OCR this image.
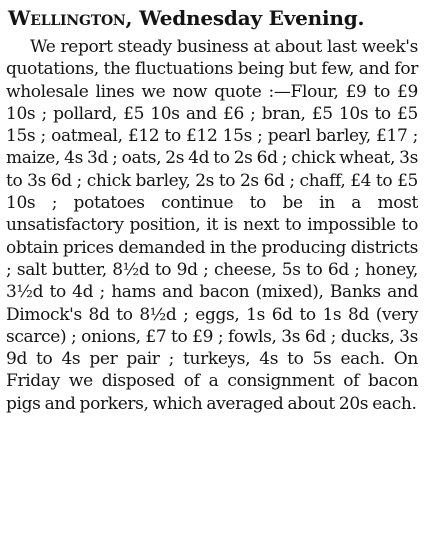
Wellington, Wednesday Evening.

We report steady business at about last week's quotations, the fluctuations being but few, and for wholesale lines we now quote :—Flour, £9 to £9 10s ; pollard, £5 10s and £6 ; bran, £5 10s to £5 15s ; oatmeal, £12 to £12 15s ; pearl barley, £17 ; maize, 4s 3d ; oats, 2s 4d to 2s 6d ; chick wheat, 3s to 3s 6d ; chick barley, 2s to 2s 6d ; chaff, £4 to £5 10s ; potatoes continue to be in a most unsatisfactory position, it is next to impossible to obtain prices demanded in the producing districts ; salt butter, 8½d to 9d ; cheese, 5s to 6d ; honey, 3½d to 4d ; hams and bacon (mixed), Banks and Dimock's 8d to 8½d ; eggs, 1s 6d to 1s 8d (very scarce) ; onions, £7 to £9 ; fowls, 3s 6d ; ducks, 3s 9d to 4s per pair ; turkeys, 4s to 5s each. On Friday we disposed of a consignment of bacon pigs and porkers, which averaged about 20s each.
